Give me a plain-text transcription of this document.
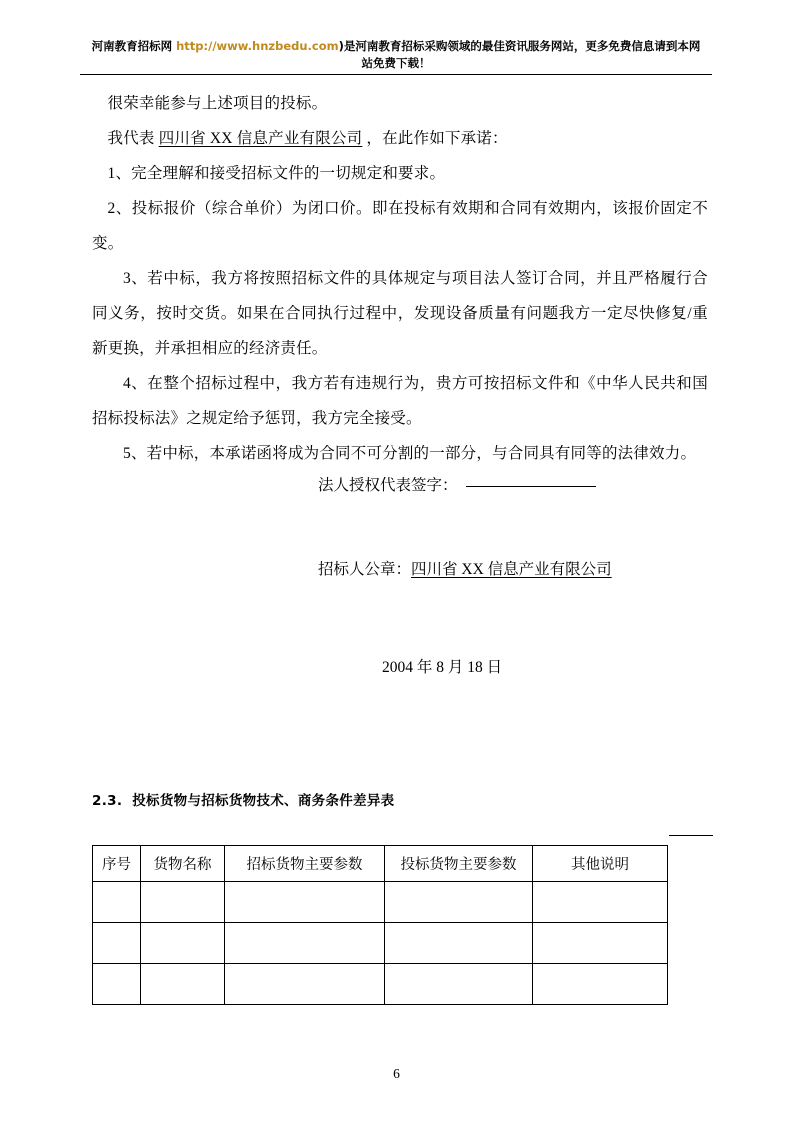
河南教育招标网 http://www.hnzbedu.com)是河南教育招标采购领域的最佳资讯服务网站，更多免费信息请到本网
站免费下载！

很荣幸能参与上述项目的投标。

我代表 四川省 XX 信息产业有限公司 ，在此作如下承诺：

1、完全理解和接受招标文件的一切规定和要求。

2、投标报价（综合单价）为闭口价。即在投标有效期和合同有效期内，该报价固定不变。

3、若中标，我方将按照招标文件的具体规定与项目法人签订合同，并且严格履行合同义务，按时交货。如果在合同执行过程中，发现设备质量有问题我方一定尽快修复/重新更换，并承担相应的经济责任。

4、在整个招标过程中，我方若有违规行为，贵方可按招标文件和《中华人民共和国招标投标法》之规定给予惩罚，我方完全接受。

5、若中标，本承诺函将成为合同不可分割的一部分，与合同具有同等的法律效力。

法人授权代表签字：
招标人公章：四川省 XX 信息产业有限公司
2004 年 8 月 18 日
2.3. 投标货物与招标货物技术、商务条件差异表
序号	货物名称	招标货物主要参数	投标货物主要参数	其他说明

6
